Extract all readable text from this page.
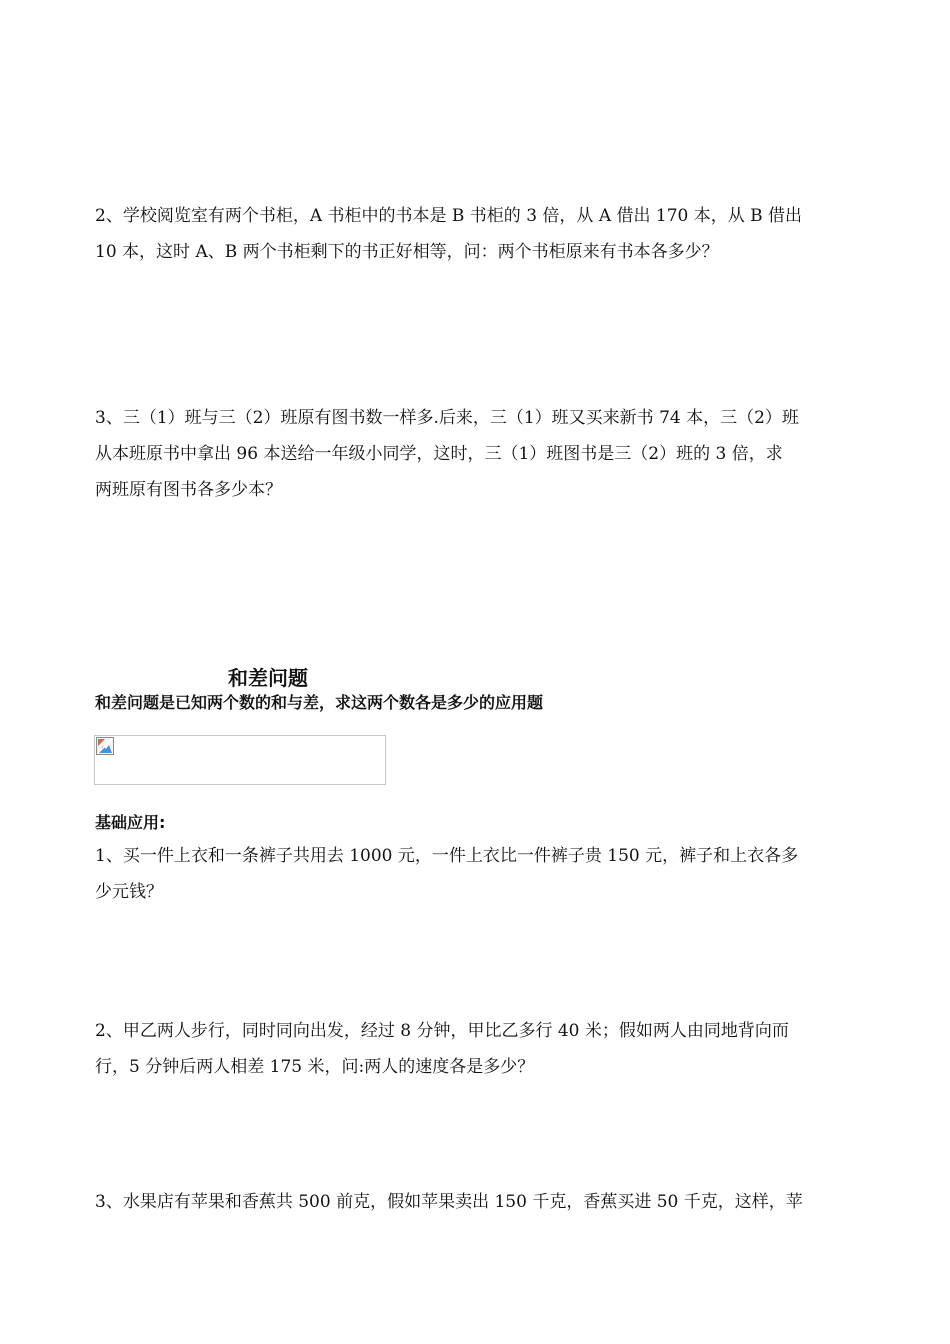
2、学校阅览室有两个书柜，A 书柜中的书本是 B 书柜的 3 倍，从 A 借出 170 本，从 B 借出
10 本，这时 A、B 两个书柜剩下的书正好相等，问：两个书柜原来有书本各多少？
3、三（1）班与三（2）班原有图书数一样多.后来，三（1）班又买来新书 74 本，三（2）班
从本班原书中拿出 96 本送给一年级小同学，这时，三（1）班图书是三（2）班的 3 倍，求
两班原有图书各多少本？
和差问题

和差问题是已知两个数的和与差，求这两个数各是多少的应用题

基础应用:

1、买一件上衣和一条裤子共用去 1000 元，一件上衣比一件裤子贵 150 元，裤子和上衣各多
少元钱？
2、甲乙两人步行，同时同向出发，经过 8 分钟，甲比乙多行 40 米；假如两人由同地背向而
行，5 分钟后两人相差 175 米，问:两人的速度各是多少？
3、水果店有苹果和香蕉共 500 前克，假如苹果卖出 150 千克，香蕉买进 50 千克，这样，苹
